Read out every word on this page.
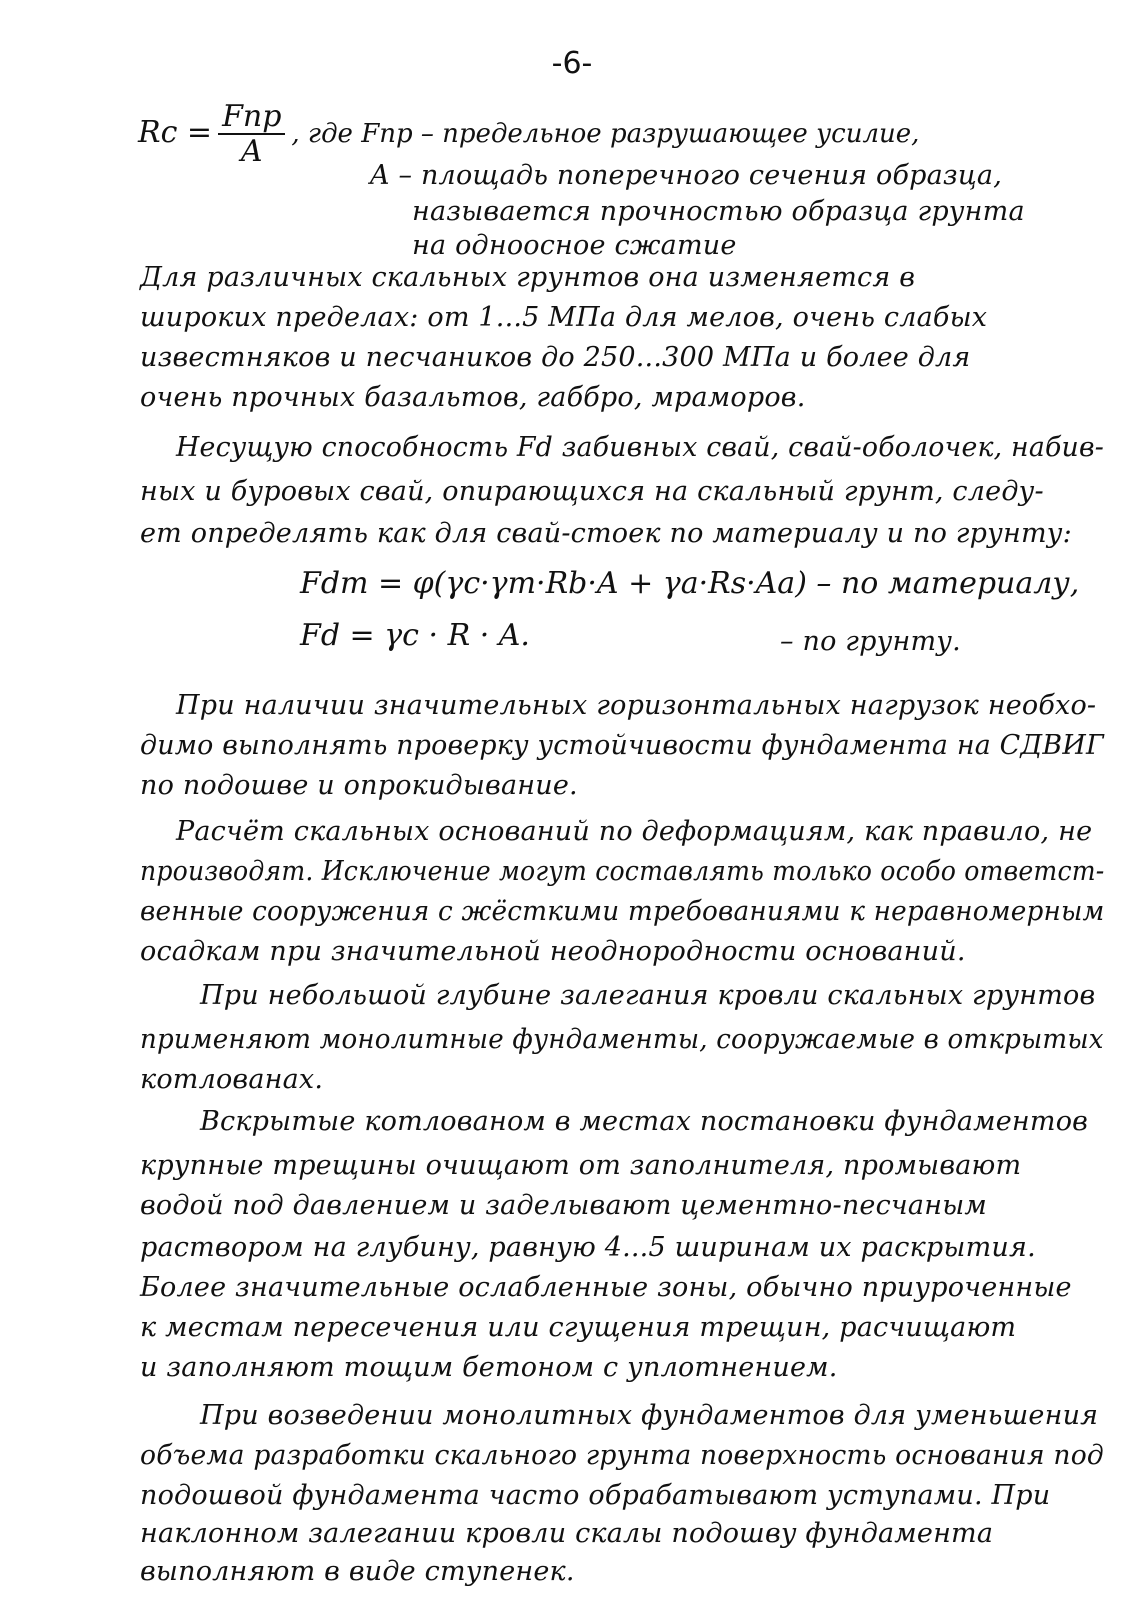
-6-
$Rc = \frac{\text{Fпр}}{A}$ , где Fпр – предельное разрушающее усилие,
A – площадь поперечного сечения образца,
называется прочностью образца грунта
на одноосное сжатие
Для различных скальных грунтов она изменяется в
широких пределах: от 1...5 МПа для мелов, очень слабых
известняков и песчаников до 250...300 МПа и более для
очень прочных базальтов, габбро, мраморов.
Несущую способность Fd забивных свай, свай-оболочек, набив-
ных и буровых свай, опирающихся на скальный грунт, следу-
ет определять как для свай-стоек по материалу и по грунту:
Fdm = φ(γc·γm·Rb·A + γa·Rs·Aa) – по материалу,
Fd = γc · R · A.	– по грунту.
При наличии значительных горизонтальных нагрузок необхо-
димо выполнять проверку устойчивости фундамента на СДВИГ
по подошве и опрокидывание.
Расчёт скальных оснований по деформациям, как правило, не
производят. Исключение могут составлять только особо ответст-
венные сооружения с жёсткими требованиями к неравномерным
осадкам при значительной неоднородности оснований.
При небольшой глубине залегания кровли скальных грунтов
применяют монолитные фундаменты, сооружаемые в открытых
котлованах.
Вскрытые котлованом в местах постановки фундаментов
крупные трещины очищают от заполнителя, промывают
водой под давлением и заделывают цементно-песчаным
раствором на глубину, равную 4...5 ширинам их раскрытия.
Более значительные ослабленные зоны, обычно приуроченные
к местам пересечения или сгущения трещин, расчищают
и заполняют тощим бетоном с уплотнением.
При возведении монолитных фундаментов для уменьшения
объема разработки скального грунта поверхность основания под
подошвой фундамента часто обрабатывают уступами. При
наклонном залегании кровли скалы подошву фундамента
выполняют в виде ступенек.
